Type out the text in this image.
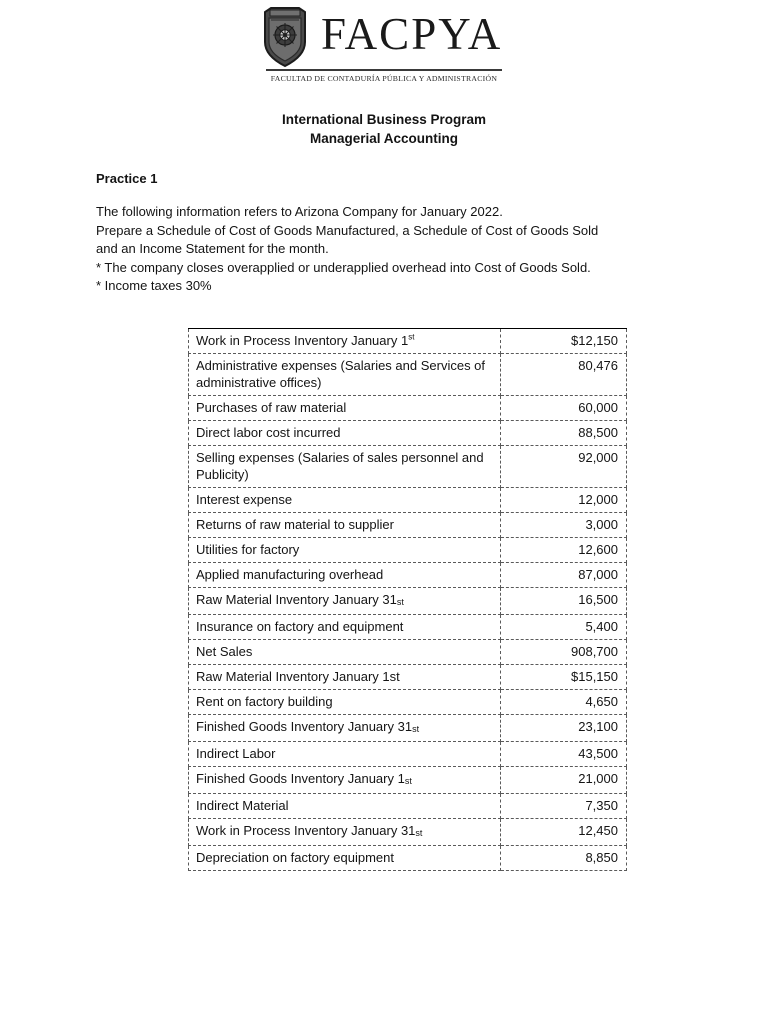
FACPYA
FACULTAD DE CONTADURÍA PÚBLICA Y ADMINISTRACIÓN
International Business Program
Managerial Accounting
Practice 1
The following information refers to Arizona Company for January 2022.
Prepare a Schedule of Cost of Goods Manufactured, a Schedule of Cost of Goods Sold
and an Income Statement for the month.
* The company closes overapplied or underapplied overhead into Cost of Goods Sold.
* Income taxes 30%
Work in Process Inventory January 1st	$12,150
Administrative expenses (Salaries and Services of administrative offices)	80,476
Purchases of raw material	60,000
Direct labor cost incurred	88,500
Selling expenses (Salaries of sales personnel and Publicity)	92,000
Interest expense	12,000
Returns of raw material to supplier	3,000
Utilities for factory	12,600
Applied manufacturing overhead	87,000
Raw Material Inventory January 31st	16,500
Insurance on factory and equipment	5,400
Net Sales	908,700
Raw Material Inventory January 1st	$15,150
Rent on factory building	4,650
Finished Goods Inventory January 31st	23,100
Indirect Labor	43,500
Finished Goods Inventory January 1st	21,000
Indirect Material	7,350
Work in Process Inventory January 31st	12,450
Depreciation on factory equipment	8,850
